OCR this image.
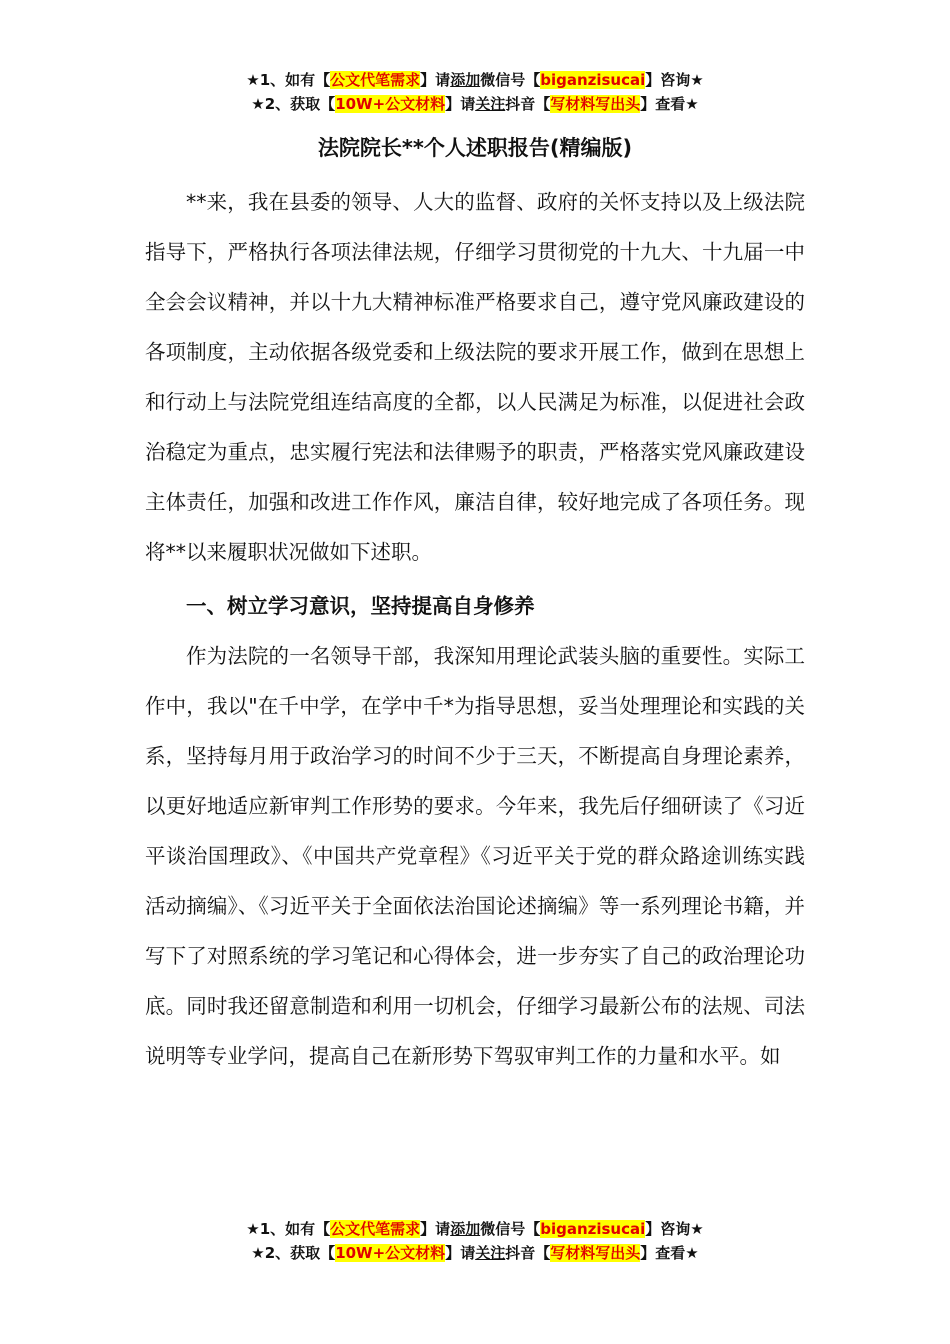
★1、如有【公文代笔需求】请添加微信号【biganzisucai】咨询★
★2、获取【10W+公文材料】请关注抖音【写材料写出头】查看★
法院院长**个人述职报告(精编版)

**来，我在县委的领导、人大的监督、政府的关怀支持以及上级法院指导下，严格执行各项法律法规，仔细学习贯彻党的十九大、十九届一中全会会议精神，并以十九大精神标准严格要求自己，遵守党风廉政建设的各项制度，主动依据各级党委和上级法院的要求开展工作，做到在思想上和行动上与法院党组连结高度的全都，以人民满足为标准，以促进社会政治稳定为重点，忠实履行宪法和法律赐予的职责，严格落实党风廉政建设主体责任，加强和改进工作作风，廉洁自律，较好地完成了各项任务。现将**以来履职状况做如下述职。

一、树立学习意识，坚持提高自身修养

作为法院的一名领导干部，我深知用理论武装头脑的重要性。实际工作中，我以"在千中学，在学中千*为指导思想，妥当处理理论和实践的关系，坚持每月用于政治学习的时间不少于三天，不断提高自身理论素养，以更好地适应新审判工作形势的要求。今年来，我先后仔细研读了《习近平谈治国理政》、《中国共产党章程》《习近平关于党的群众路途训练实践活动摘编》、《习近平关于全面依法治国论述摘编》等一系列理论书籍，并写下了对照系统的学习笔记和心得体会，进一步夯实了自己的政治理论功底。同时我还留意制造和利用一切机会，仔细学习最新公布的法规、司法说明等专业学问，提高自己在新形势下驾驭审判工作的力量和水平。如

★1、如有【公文代笔需求】请添加微信号【biganzisucai】咨询★
★2、获取【10W+公文材料】请关注抖音【写材料写出头】查看★
